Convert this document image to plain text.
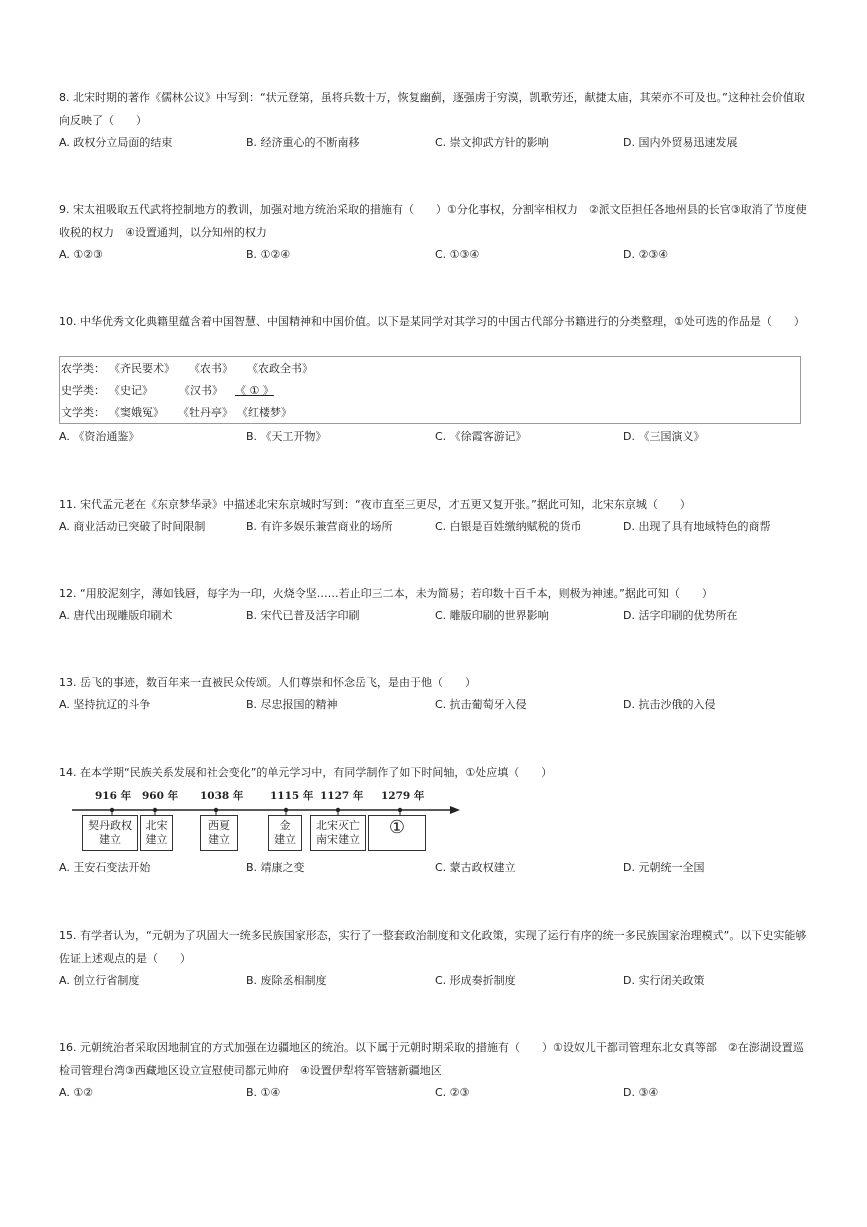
8. 北宋时期的著作《儒林公议》中写到：“状元登第，虽将兵数十万，恢复幽蓟，逐强虏于穷漠，凯歌劳还，献捷太庙，其荣亦不可及也。”这种社会价值取向反映了（　　）

A. 政权分立局面的结束	B. 经济重心的不断南移	C. 崇文抑武方针的影响	D. 国内外贸易迅速发展

9. 宋太祖吸取五代武将控制地方的教训，加强对地方统治采取的措施有（　　）①分化事权，分割宰相权力　②派文臣担任各地州县的长官③取消了节度使收税的权力　④设置通判，以分知州的权力

A. ①②③	B. ①②④	C. ①③④	D. ②③④

10. 中华优秀文化典籍里蕴含着中国智慧、中国精神和中国价值。以下是某同学对其学习的中国古代部分书籍进行的分类整理，①处可选的作品是（　　）

农学类： 《齐民要术》 《农书》 《农政全书》
史学类： 《史记》 《汉书》 《 ① 》
文学类： 《窦娥冤》 《牡丹亭》 《红楼梦》
A. 《资治通鉴》	B. 《天工开物》	C. 《徐霞客游记》	D. 《三国演义》

11. 宋代孟元老在《东京梦华录》中描述北宋东京城时写到：“夜市直至三更尽，才五更又复开张。”据此可知，北宋东京城（　　）

A. 商业活动已突破了时间限制	B. 有许多娱乐兼营商业的场所	C. 白银是百姓缴纳赋税的货币	D. 出现了具有地域特色的商帮

12. “用胶泥刻字，薄如钱唇，每字为一印，火烧令坚……若止印三二本，未为简易；若印数十百千本，则极为神速。”据此可知（　　）

A. 唐代出现雕版印刷术	B. 宋代已普及活字印刷	C. 雕版印刷的世界影响	D. 活字印刷的优势所在

13. 岳飞的事迹，数百年来一直被民众传颂。人们尊崇和怀念岳飞，是由于他（　　）

A. 坚持抗辽的斗争	B. 尽忠报国的精神	C. 抗击葡萄牙入侵	D. 抗击沙俄的入侵

14. 在本学期“民族关系发展和社会变化”的单元学习中，有同学制作了如下时间轴，①处应填（　　）

916 年 960 年 1038 年	1115 年 1127 年 1279 年
契丹政权
建立
北宋
建立
西夏
建立
金
建立
北宋灭亡
南宋建立
①
A. 王安石变法开始	B. 靖康之变	C. 蒙古政权建立	D. 元朝统一全国

15. 有学者认为，“元朝为了巩固大一统多民族国家形态，实行了一整套政治制度和文化政策，实现了运行有序的统一多民族国家治理模式”。以下史实能够佐证上述观点的是（　　）

A. 创立行省制度	B. 废除丞相制度	C. 形成奏折制度	D. 实行闭关政策

16. 元朝统治者采取因地制宜的方式加强在边疆地区的统治。以下属于元朝时期采取的措施有（　　）①设奴儿干都司管理东北女真等部　②在澎湖设置巡检司管理台湾③西藏地区设立宣慰使司都元帅府　④设置伊犁将军管辖新疆地区

A. ①②	B. ①④	C. ②③	D. ③④
